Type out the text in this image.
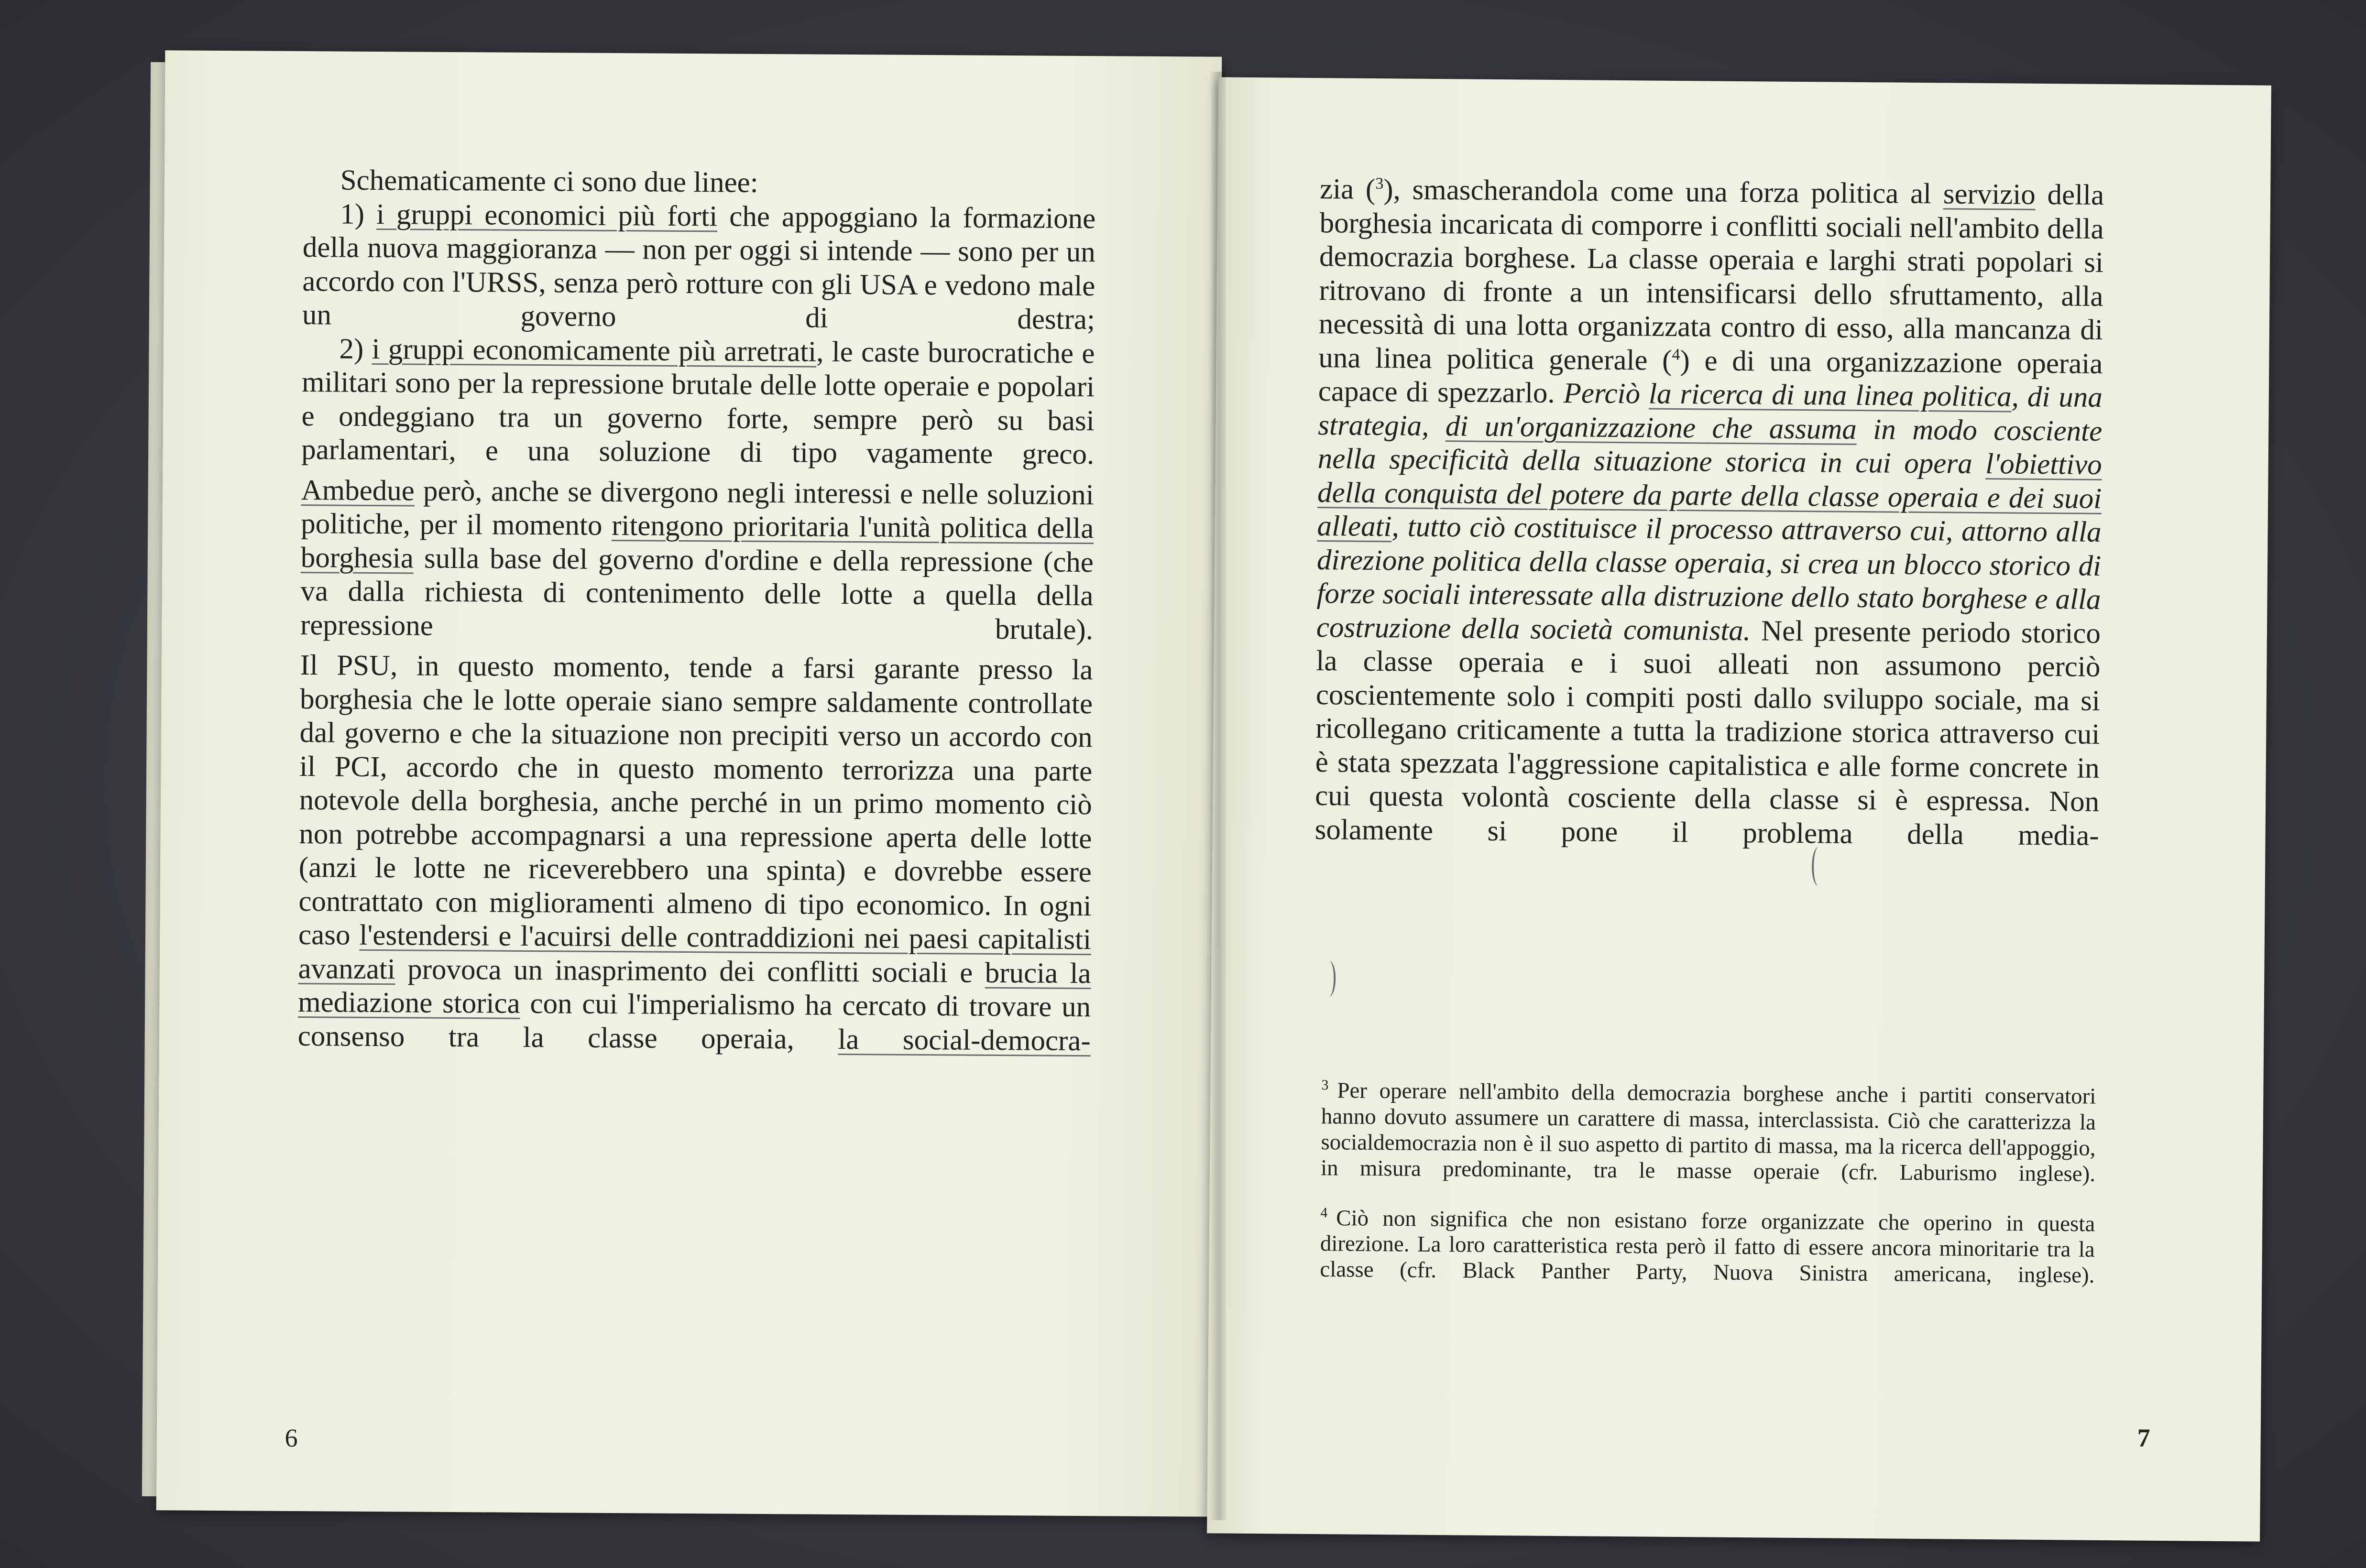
Schematicamente ci sono due linee:

1) i gruppi economici più forti che appoggiano la formazione della nuova maggioranza — non per oggi si intende — sono per un accordo con l'URSS, senza però rotture con gli USA e vedono male un governo di destra;

2) i gruppi economicamente più arretrati, le caste burocratiche e militari sono per la repressione brutale delle lotte operaie e popolari e ondeggiano tra un governo forte, sempre però su basi parlamentari, e una soluzione di tipo vagamente greco.

Ambedue però, anche se divergono negli interessi e nelle soluzioni politiche, per il momento ritengono prioritaria l'unità politica della borghesia sulla base del governo d'ordine e della repressione (che va dalla richiesta di contenimento delle lotte a quella della repressione brutale).

Il PSU, in questo momento, tende a farsi garante presso la borghesia che le lotte operaie siano sempre saldamente controllate dal governo e che la situazione non precipiti verso un accordo con il PCI, accordo che in questo momento terrorizza una parte notevole della borghesia, anche perché in un primo momento ciò non potrebbe accompagnarsi a una repressione aperta delle lotte (anzi le lotte ne riceverebbero una spinta) e dovrebbe essere contrattato con miglioramenti almeno di tipo economico. In ogni caso l'estendersi e l'acuirsi delle contraddizioni nei paesi capitalisti avanzati provoca un inasprimento dei conflitti sociali e brucia la mediazione storica con cui l'imperialismo ha cercato di trovare un consenso tra la classe operaia, la social-democra-

6

zia ($^3$), smascherandola come una forza politica al servizio della borghesia incaricata di comporre i conflitti sociali nell'ambito della democrazia borghese. La classe operaia e larghi strati popolari si ritrovano di fronte a un intensificarsi dello sfruttamento, alla necessità di una lotta organizzata contro di esso, alla mancanza di una linea politica generale ($^4$) e di una organizzazione operaia capace di spezzarlo. Perciò la ricerca di una linea politica, di una strategia, di un'organizzazione che assuma in modo cosciente nella specificità della situazione storica in cui opera l'obiettivo della conquista del potere da parte della classe operaia e dei suoi alleati, tutto ciò costituisce il processo attraverso cui, attorno alla direzione politica della classe operaia, si crea un blocco storico di forze sociali interessate alla distruzione dello stato borghese e alla costruzione della società comunista. Nel presente periodo storico la classe operaia e i suoi alleati non assumono perciò coscientemente solo i compiti posti dallo sviluppo sociale, ma si ricollegano criticamente a tutta la tradizione storica attraverso cui è stata spezzata l'aggressione capitalistica e alle forme concrete in cui questa volontà cosciente della classe si è espressa. Non solamente si pone il problema della media-

$^3$ Per operare nell'ambito della democrazia borghese anche i partiti conservatori hanno dovuto assumere un carattere di massa, interclassista. Ciò che caratterizza la socialdemocrazia non è il suo aspetto di partito di massa, ma la ricerca dell'appoggio, in misura predominante, tra le masse operaie (cfr. Laburismo inglese).

$^4$ Ciò non significa che non esistano forze organizzate che operino in questa direzione. La loro caratteristica resta però il fatto di essere ancora minoritarie tra la classe (cfr. Black Panther Party, Nuova Sinistra americana, inglese).

7
